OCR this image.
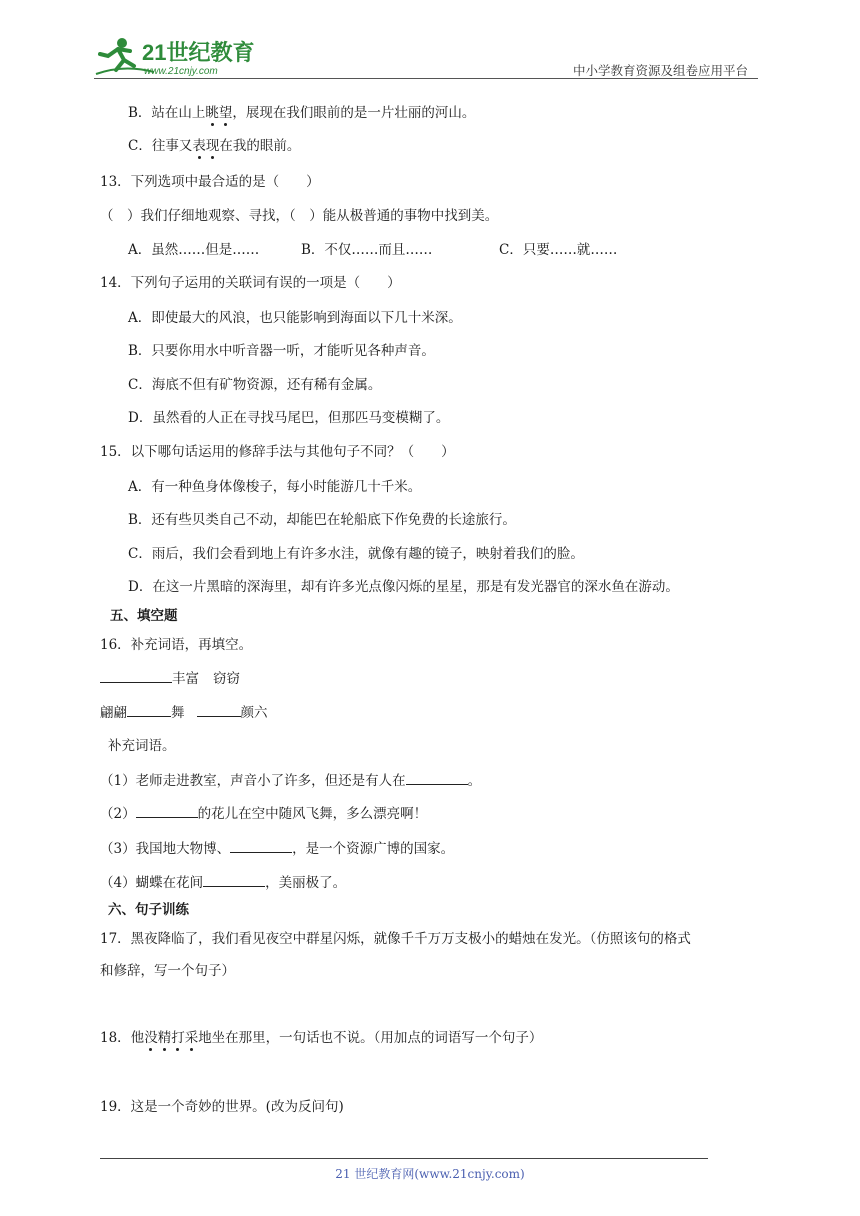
21世纪教育
www.21cnjy.com	中小学教育资源及组卷应用平台
B．站在山上眺望，展现在我们眼前的是一片壮丽的河山。
C．往事又表现在我的眼前。
13．下列选项中最合适的是（　　）
（　）我们仔细地观察、寻找，（　）能从极普通的事物中找到美。
A．虽然……但是……	B．不仅……而且……	C．只要……就……
14．下列句子运用的关联词有误的一项是（　　）
A．即使最大的风浪，也只能影响到海面以下几十米深。
B．只要你用水中听音器一听，才能听见各种声音。
C．海底不但有矿物资源，还有稀有金属。
D．虽然看的人正在寻找马尾巴，但那匹马变模糊了。
15．以下哪句话运用的修辞手法与其他句子不同？（　　）
A．有一种鱼身体像梭子，每小时能游几十千米。
B．还有些贝类自己不动，却能巴在轮船底下作免费的长途旅行。
C．雨后，我们会看到地上有许多水洼，就像有趣的镜子，映射着我们的脸。
D．在这一片黑暗的深海里，却有许多光点像闪烁的星星，那是有发光器官的深水鱼在游动。
五、填空题
16．补充词语，再填空。
丰富 窃窃
翩翩	舞	颜六
补充词语。
（1）老师走进教室，声音小了许多，但还是有人在	。
（2）	的花儿在空中随风飞舞，多么漂亮啊！
（3）我国地大物博、	，是一个资源广博的国家。
（4）蝴蝶在花间	，美丽极了。
六、句子训练
17．黑夜降临了，我们看见夜空中群星闪烁，就像千千万万支极小的蜡烛在发光。（仿照该句的格式
和修辞，写一个句子）
18．他没精打采地坐在那里，一句话也不说。（用加点的词语写一个句子）
19．这是一个奇妙的世界。(改为反问句)
21 世纪教育网(www.21cnjy.com)
